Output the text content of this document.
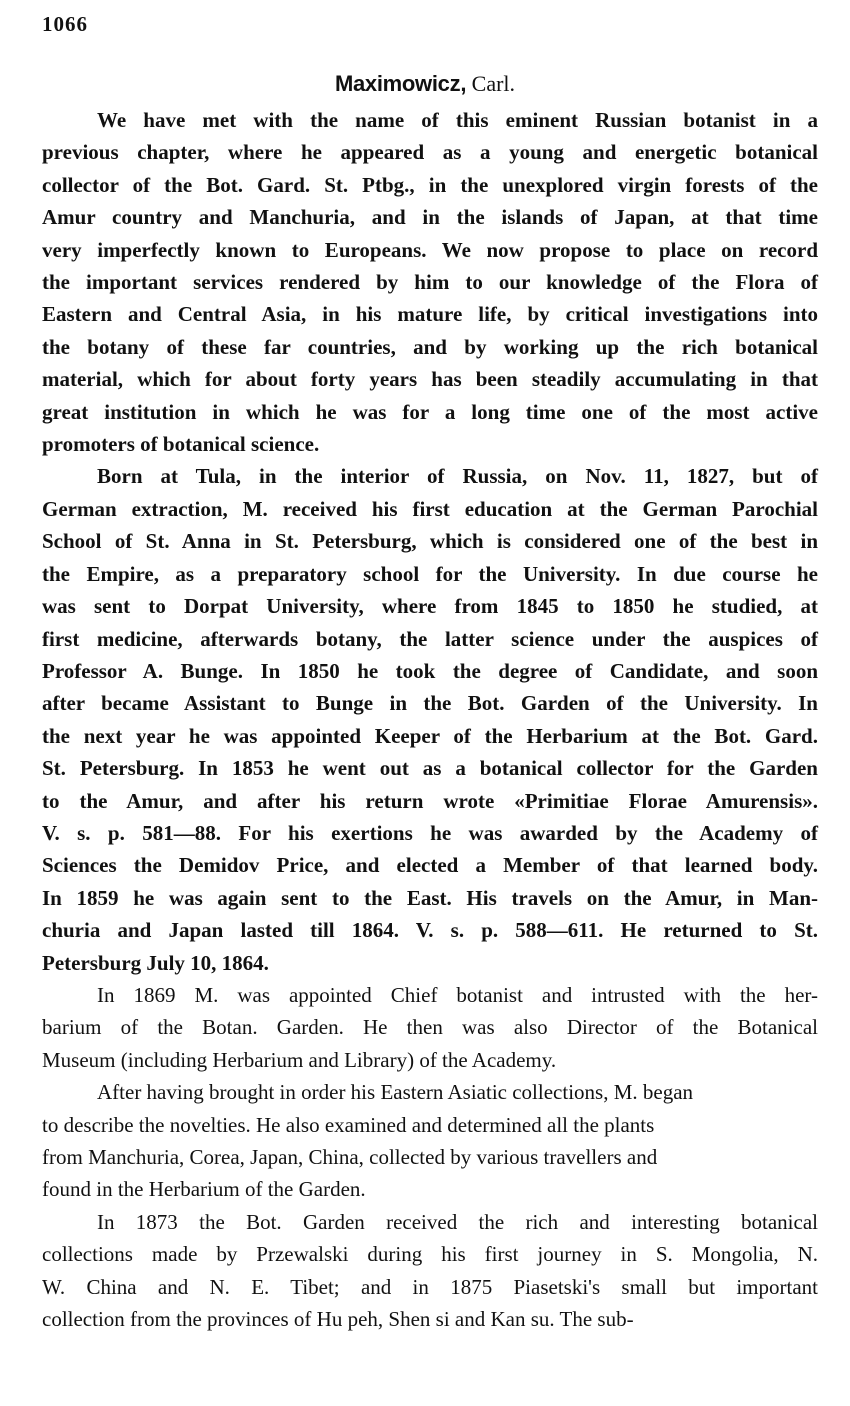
1066
Maximowicz, Carl.
We have met with the name of this eminent Russian botanist in a
previous chapter, where he appeared as a young and energetic botanical
collector of the Bot. Gard. St. Ptbg., in the unexplored virgin forests of the
Amur country and Manchuria, and in the islands of Japan, at that time
very imperfectly known to Europeans. We now propose to place on record
the important services rendered by him to our knowledge of the Flora of
Eastern and Central Asia, in his mature life, by critical investigations into
the botany of these far countries, and by working up the rich botanical
material, which for about forty years has been steadily accumulating in that
great institution in which he was for a long time one of the most active
promoters of botanical science.
Born at Tula, in the interior of Russia, on Nov. 11, 1827, but of
German extraction, M. received his first education at the German Parochial
School of St. Anna in St. Petersburg, which is considered one of the best in
the Empire, as a preparatory school for the University. In due course he
was sent to Dorpat University, where from 1845 to 1850 he studied, at
first medicine, afterwards botany, the latter science under the auspices of
Professor A. Bunge. In 1850 he took the degree of Candidate, and soon
after became Assistant to Bunge in the Bot. Garden of the University. In
the next year he was appointed Keeper of the Herbarium at the Bot. Gard.
St. Petersburg. In 1853 he went out as a botanical collector for the Garden
to the Amur, and after his return wrote «Primitiae Florae Amurensis».
V. s. p. 581—88. For his exertions he was awarded by the Academy of
Sciences the Demidov Price, and elected a Member of that learned body.
In 1859 he was again sent to the East. His travels on the Amur, in Man-
churia and Japan lasted till 1864. V. s. p. 588—611. He returned to St.
Petersburg July 10, 1864.
In 1869 M. was appointed Chief botanist and intrusted with the her-
barium of the Botan. Garden. He then was also Director of the Botanical
Museum (including Herbarium and Library) of the Academy.
After having brought in order his Eastern Asiatic collections, M. began
to describe the novelties. He also examined and determined all the plants
from Manchuria, Corea, Japan, China, collected by various travellers and
found in the Herbarium of the Garden.
In 1873 the Bot. Garden received the rich and interesting botanical
collections made by Przewalski during his first journey in S. Mongolia, N.
W. China and N. E. Tibet; and in 1875 Piasetski's small but important
collection from the provinces of Hu peh, Shen si and Kan su. The sub-
